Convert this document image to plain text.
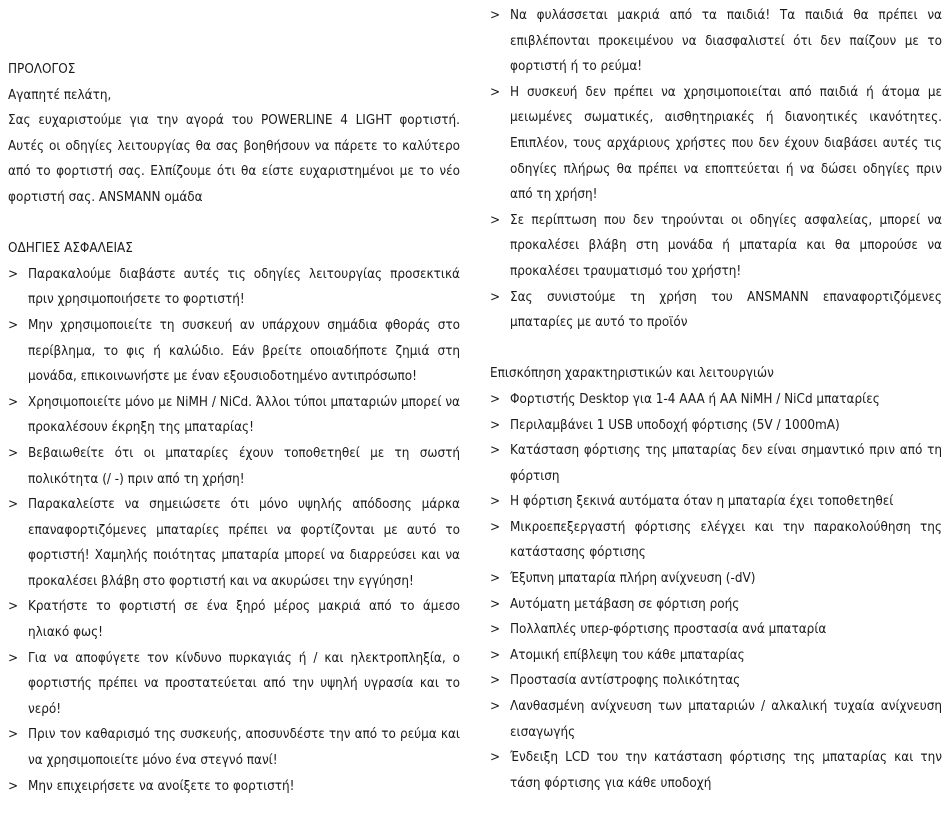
ΠΡΟΛΟΓΟΣ

Αγαπητέ πελάτη,

Σας ευχαριστούμε για την αγορά του POWERLINE 4 LIGHT φορτιστή. Αυτές οι οδηγίες λειτουργίας θα σας βοηθήσουν να πάρετε το καλύτερο από το φορτιστή σας. Ελπίζουμε ότι θα είστε ευχαριστημένοι με το νέο φορτιστή σας. ANSMANN ομάδα

ΟΔΗΓΙΕΣ ΑΣΦΑΛΕΙΑΣ

> Παρακαλούμε διαβάστε αυτές τις οδηγίες λειτουργίας προσεκτικά πριν χρησιμοποιήσετε το φορτιστή!
> Μην χρησιμοποιείτε τη συσκευή αν υπάρχουν σημάδια φθοράς στο περίβλημα, το φις ή καλώδιο. Εάν βρείτε οποιαδήποτε ζημιά στη μονάδα, επικοινωνήστε με έναν εξουσιοδοτημένο αντιπρόσωπο!
> Χρησιμοποιείτε μόνο με NiMH / NiCd. Άλλοι τύποι μπαταριών μπορεί να προκαλέσουν έκρηξη της μπαταρίας!
> Βεβαιωθείτε ότι οι μπαταρίες έχουν τοποθετηθεί με τη σωστή πολικότητα (/ -) πριν από τη χρήση!
> Παρακαλείστε να σημειώσετε ότι μόνο υψηλής απόδοσης μάρκα επαναφορτιζόμενες μπαταρίες πρέπει να φορτίζονται με αυτό το φορτιστή! Χαμηλής ποιότητας μπαταρία μπορεί να διαρρεύσει και να προκαλέσει βλάβη στο φορτιστή και να ακυρώσει την εγγύηση!
> Κρατήστε το φορτιστή σε ένα ξηρό μέρος μακριά από το άμεσο ηλιακό φως!
> Για να αποφύγετε τον κίνδυνο πυρκαγιάς ή / και ηλεκτροπληξία, ο φορτιστής πρέπει να προστατεύεται από την υψηλή υγρασία και το νερό!
> Πριν τον καθαρισμό της συσκευής, αποσυνδέστε την από το ρεύμα και να χρησιμοποιείτε μόνο ένα στεγνό πανί!
> Μην επιχειρήσετε να ανοίξετε το φορτιστή!
> Να φυλάσσεται μακριά από τα παιδιά! Τα παιδιά θα πρέπει να επιβλέπονται προκειμένου να διασφαλιστεί ότι δεν παίζουν με το φορτιστή ή το ρεύμα!
> Η συσκευή δεν πρέπει να χρησιμοποιείται από παιδιά ή άτομα με μειωμένες σωματικές, αισθητηριακές ή διανοητικές ικανότητες. Επιπλέον, τους αρχάριους χρήστες που δεν έχουν διαβάσει αυτές τις οδηγίες πλήρως θα πρέπει να εποπτεύεται ή να δώσει οδηγίες πριν από τη χρήση!
> Σε περίπτωση που δεν τηρούνται οι οδηγίες ασφαλείας, μπορεί να προκαλέσει βλάβη στη μονάδα ή μπαταρία και θα μπορούσε να προκαλέσει τραυματισμό του χρήστη!
> Σας συνιστούμε τη χρήση του ANSMANN επαναφορτιζόμενες μπαταρίες με αυτό το προϊόν

Επισκόπηση χαρακτηριστικών και λειτουργιών

> Φορτιστής Desktop για 1-4 AAA ή AA NiMH / NiCd μπαταρίες
> Περιλαμβάνει 1 USB υποδοχή φόρτισης (5V / 1000mA)
> Κατάσταση φόρτισης της μπαταρίας δεν είναι σημαντικό πριν από τη φόρτιση
> Η φόρτιση ξεκινά αυτόματα όταν η μπαταρία έχει τοποθετηθεί
> Μικροεπεξεργαστή φόρτισης ελέγχει και την παρακολούθηση της κατάστασης φόρτισης
> Έξυπνη μπαταρία πλήρη ανίχνευση (-dV)
> Αυτόματη μετάβαση σε φόρτιση ροής
> Πολλαπλές υπερ-φόρτισης προστασία ανά μπαταρία
> Ατομική επίβλεψη του κάθε μπαταρίας
> Προστασία αντίστροφης πολικότητας
> Λανθασμένη ανίχνευση των μπαταριών / αλκαλική τυχαία ανίχνευση εισαγωγής
> Ένδειξη LCD του την κατάσταση φόρτισης της μπαταρίας και την τάση φόρτισης για κάθε υποδοχή
